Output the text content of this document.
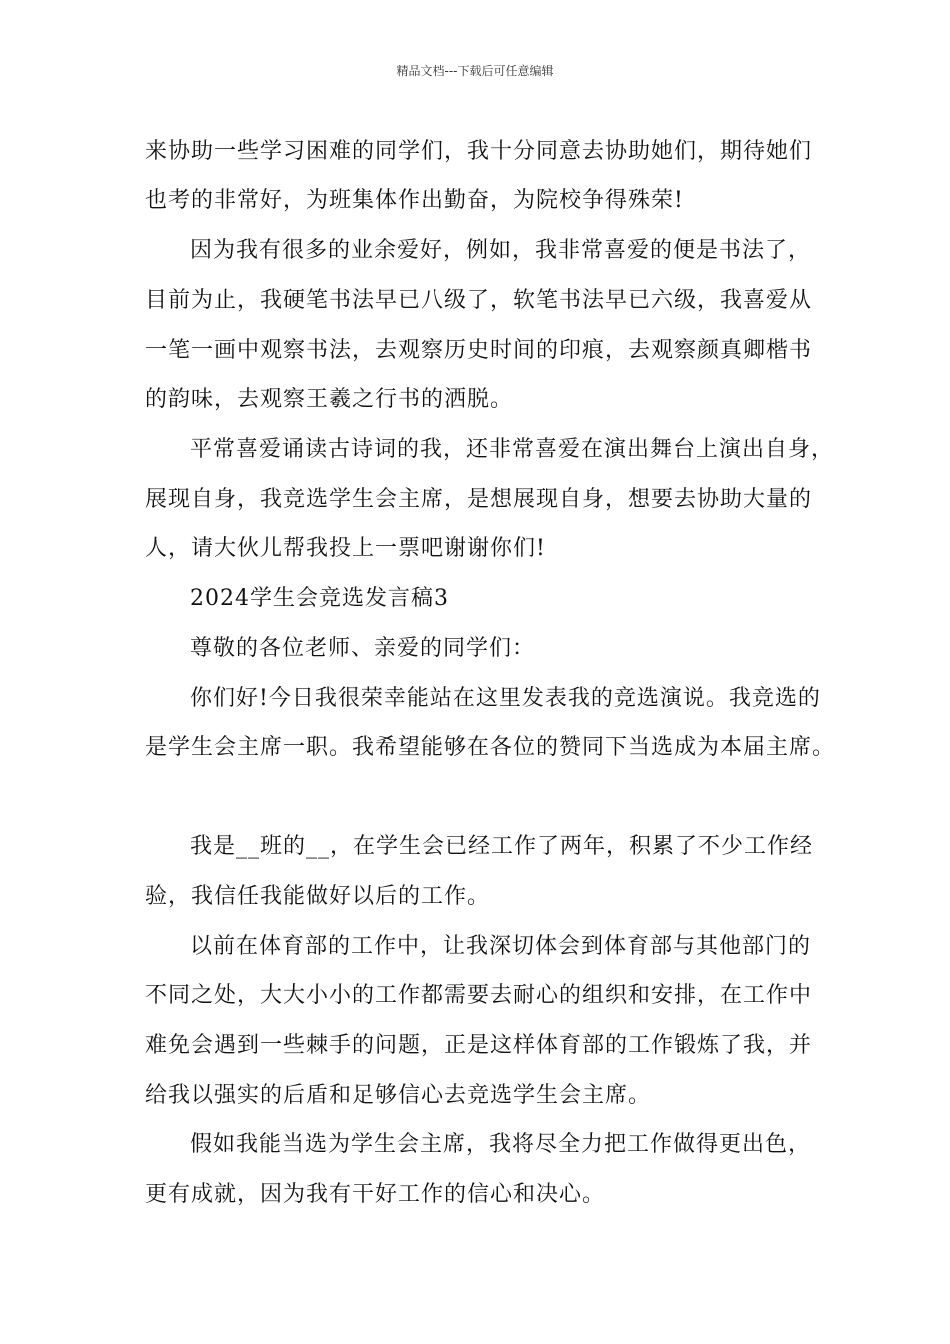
精品文档---下载后可任意编辑
来协助一些学习困难的同学们，我十分同意去协助她们，期待她们
也考的非常好，为班集体作出勤奋，为院校争得殊荣!
因为我有很多的业余爱好，例如，我非常喜爱的便是书法了，
目前为止，我硬笔书法早已八级了，软笔书法早已六级，我喜爱从
一笔一画中观察书法，去观察历史时间的印痕，去观察颜真卿楷书
的韵味，去观察王羲之行书的洒脱。
平常喜爱诵读古诗词的我，还非常喜爱在演出舞台上演出自身，
展现自身，我竞选学生会主席，是想展现自身，想要去协助大量的
人，请大伙儿帮我投上一票吧谢谢你们!
2024学生会竞选发言稿3
尊敬的各位老师、亲爱的同学们：
你们好!今日我很荣幸能站在这里发表我的竞选演说。我竞选的
是学生会主席一职。我希望能够在各位的赞同下当选成为本届主席。
我是__班的__，在学生会已经工作了两年，积累了不少工作经
验，我信任我能做好以后的工作。
以前在体育部的工作中，让我深切体会到体育部与其他部门的
不同之处，大大小小的工作都需要去耐心的组织和安排，在工作中
难免会遇到一些棘手的问题，正是这样体育部的工作锻炼了我，并
给我以强实的后盾和足够信心去竞选学生会主席。
假如我能当选为学生会主席，我将尽全力把工作做得更出色，
更有成就，因为我有干好工作的信心和决心。
